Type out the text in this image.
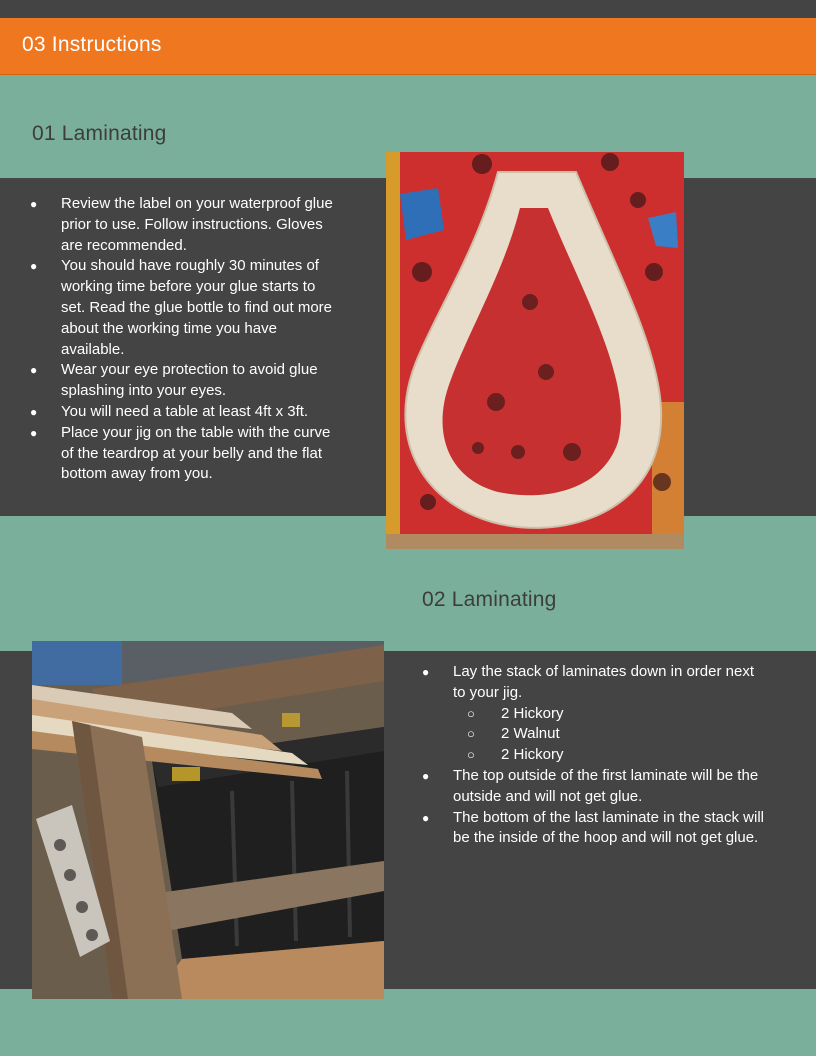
03 Instructions
01 Laminating
● Review the label on your waterproof glue prior to use. Follow instructions. Gloves are recommended.
● You should have roughly 30 minutes of working time before your glue starts to set. Read the glue bottle to find out more about the working time you have available.
● Wear your eye protection to avoid glue splashing into your eyes.
● You will need a table at least 4ft x 3ft.
● Place your jig on the table with the curve of the teardrop at your belly and the flat bottom away from you.
02 Laminating
● Lay the stack of laminates down in order next to your jig.
○ 2 Hickory
○ 2 Walnut
○ 2 Hickory
● The top outside of the first laminate will be the outside and will not get glue.
● The bottom of the last laminate in the stack will be the inside of the hoop and will not get glue.
